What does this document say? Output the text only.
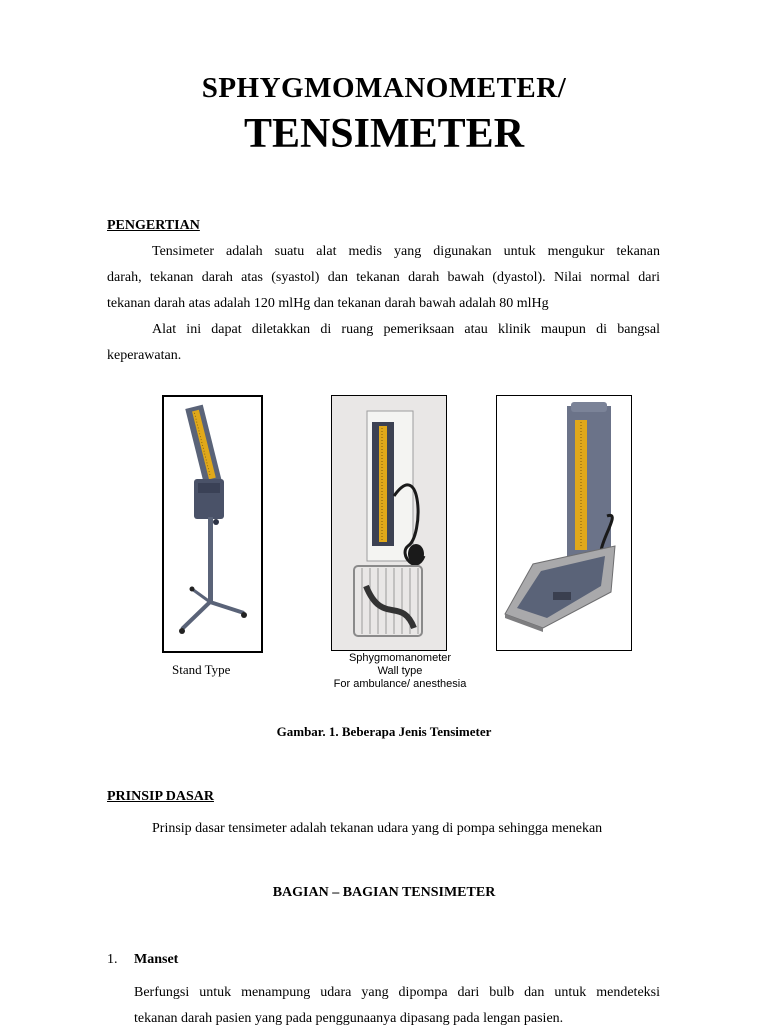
SPHYGMOMANOMETER/
TENSIMETER
PENGERTIAN
Tensimeter adalah suatu alat medis yang digunakan untuk mengukur tekanan
darah, tekanan darah atas (syastol) dan tekanan darah bawah (dyastol). Nilai normal dari
tekanan darah atas adalah 120 mlHg dan tekanan darah bawah adalah 80 mlHg
Alat ini dapat diletakkan di ruang pemeriksaan atau klinik maupun di bangsal
keperawatan.
Stand Type
Sphygmomanometer
Wall type
For ambulance/ anesthesia
Gambar. 1. Beberapa Jenis Tensimeter
PRINSIP DASAR
Prinsip dasar tensimeter adalah tekanan udara yang di pompa sehingga menekan
BAGIAN – BAGIAN TENSIMETER
1. Manset
Berfungsi untuk menampung udara yang dipompa dari bulb dan untuk mendeteksi
tekanan darah pasien yang pada penggunaanya dipasang pada lengan pasien.
